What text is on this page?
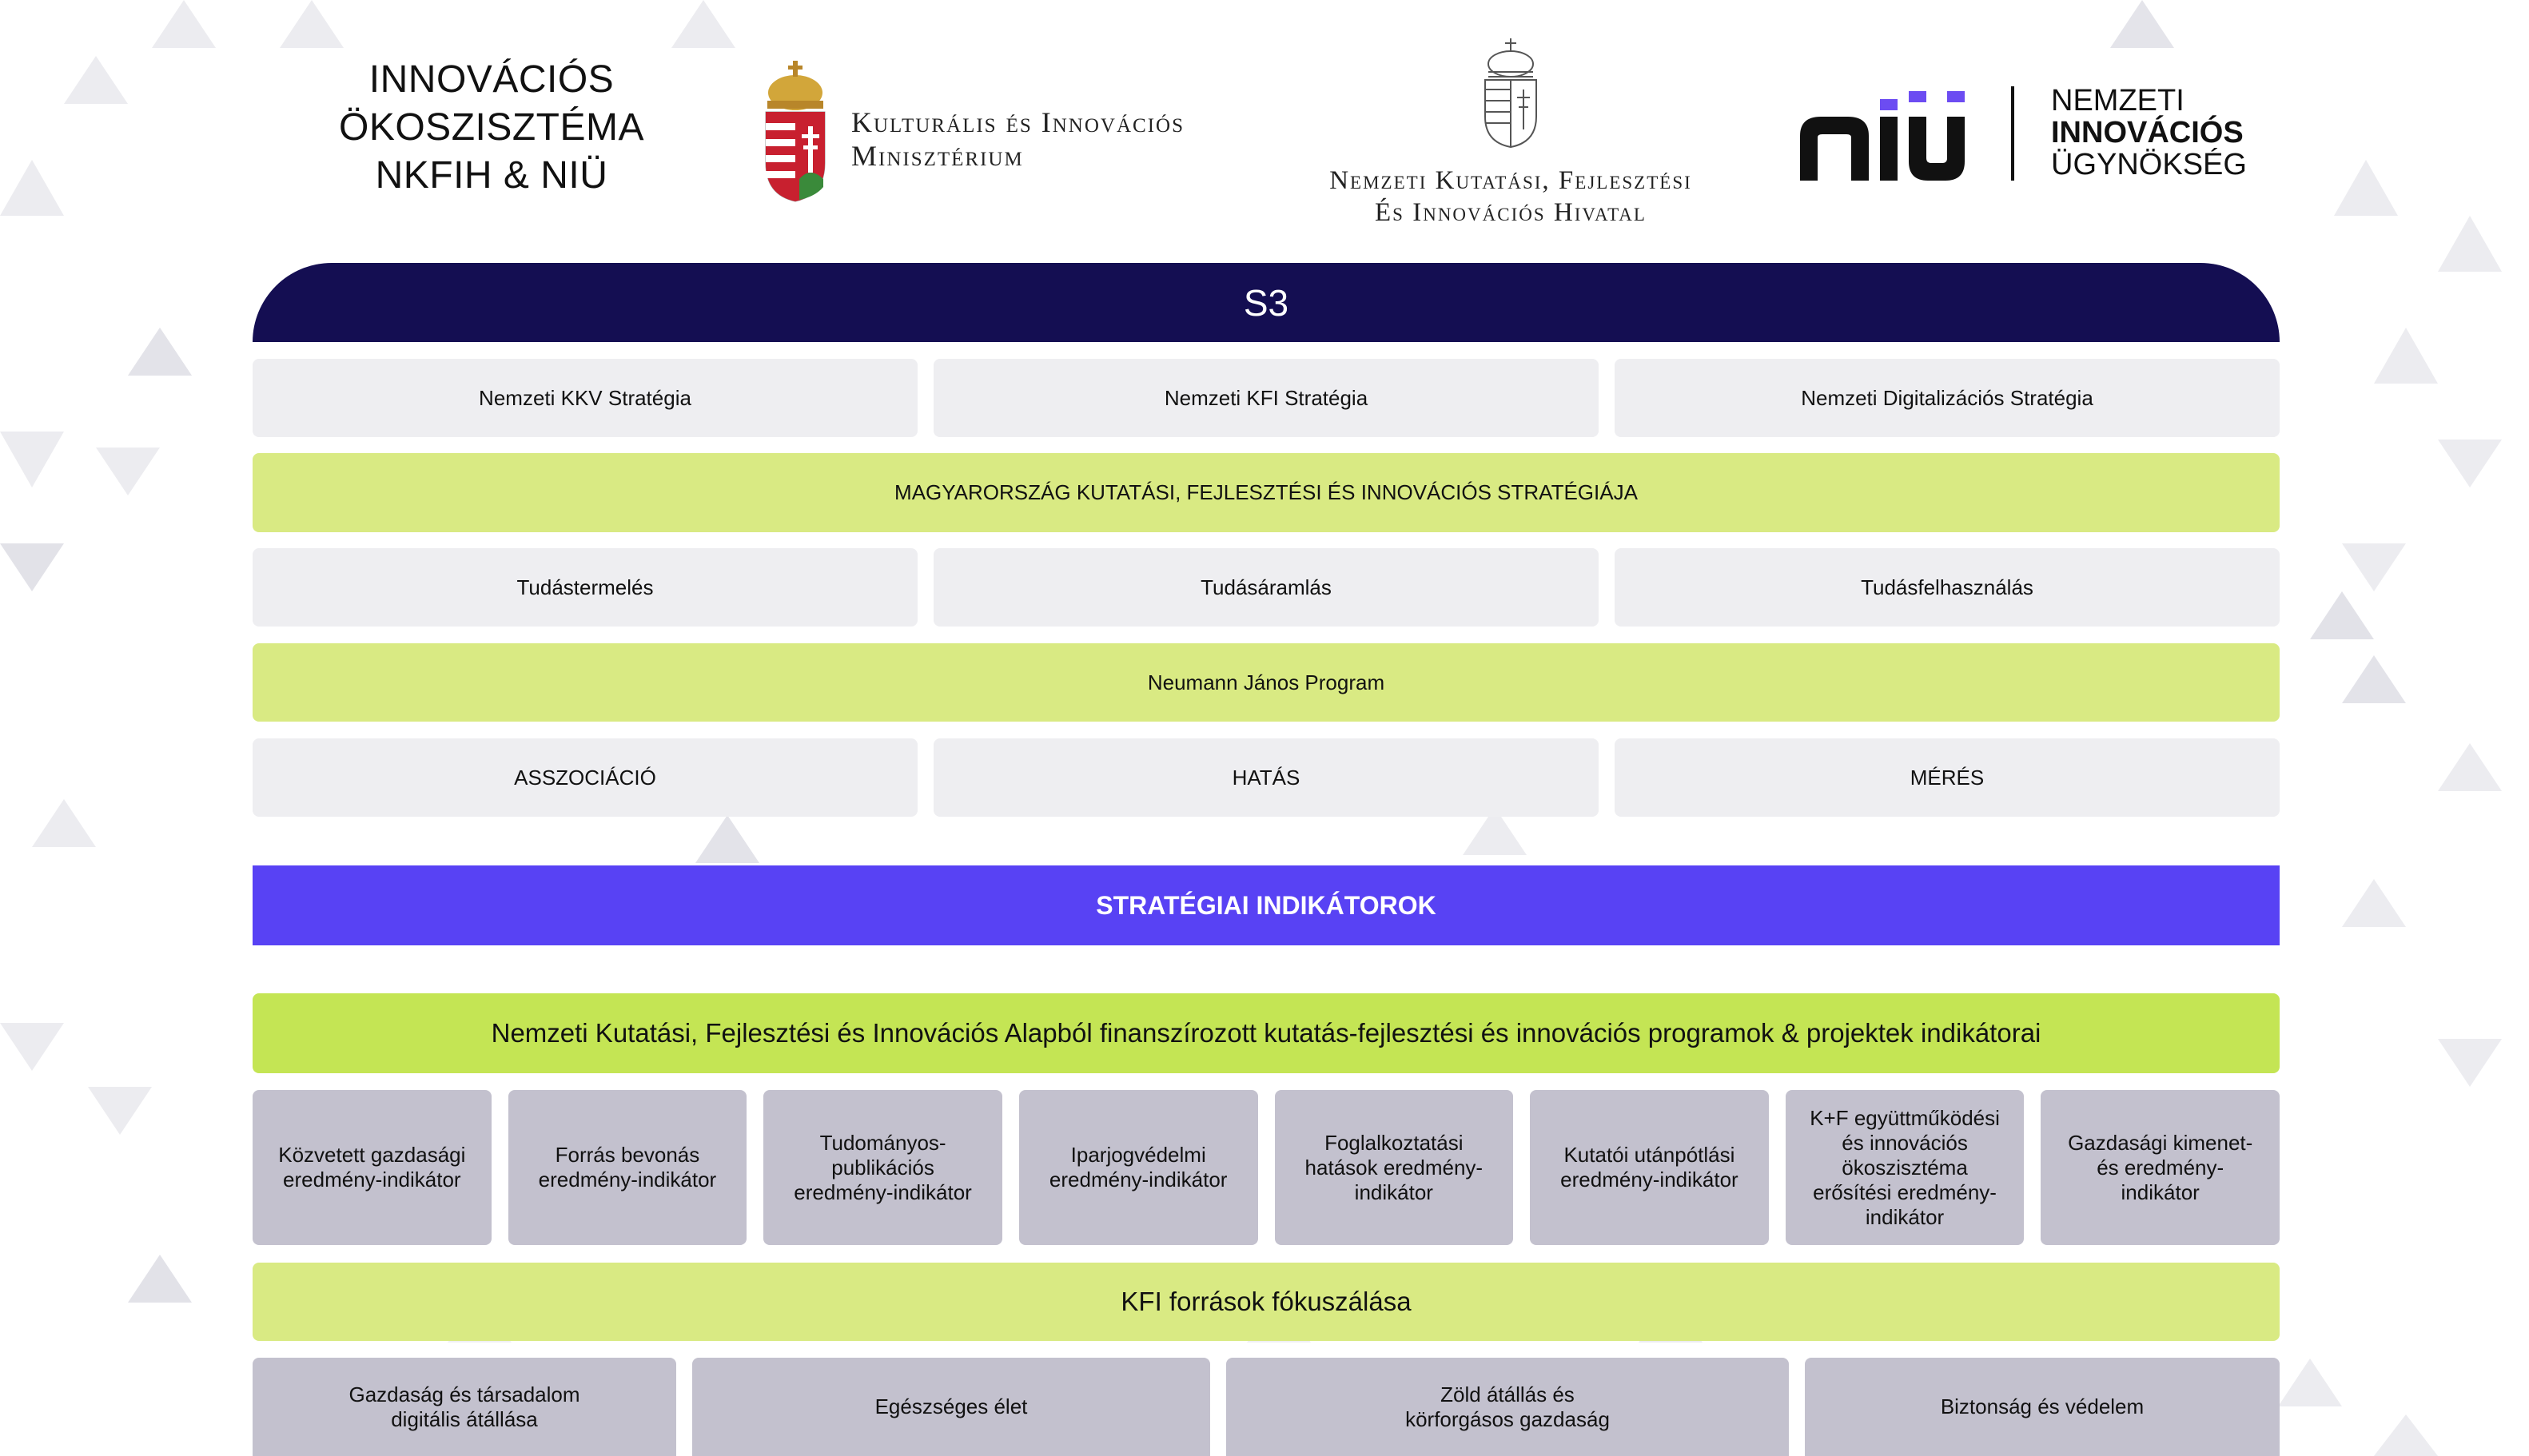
INNOVÁCIÓS
ÖKOSZISZTÉMA
NKFIH & NIÜ
Kulturális és Innovációs
Minisztérium
Nemzeti Kutatási, Fejlesztési
És Innovációs Hivatal
NEMZETI
INNOVÁCIÓS
ÜGYNÖKSÉG
S3
Nemzeti KKV Stratégia	Nemzeti KFI Stratégia	Nemzeti Digitalizációs Stratégia
MAGYARORSZÁG KUTATÁSI, FEJLESZTÉSI ÉS INNOVÁCIÓS STRATÉGIÁJA
Tudástermelés	Tudásáramlás	Tudásfelhasználás
Neumann János Program
ASSZOCIÁCIÓ	HATÁS	MÉRÉS
STRATÉGIAI INDIKÁTOROK
Nemzeti Kutatási, Fejlesztési és Innovációs Alapból finanszírozott kutatás-fejlesztési és innovációs programok & projektek indikátorai
Közvetett gazdasági
eredmény-indikátor
Forrás bevonás
eredmény-indikátor
Tudományos-
publikációs
eredmény-indikátor
Iparjogvédelmi
eredmény-indikátor
Foglalkoztatási
hatások eredmény-
indikátor
Kutatói utánpótlási
eredmény-indikátor
K+F együttműködési
és innovációs
ökoszisztéma
erősítési eredmény-
indikátor
Gazdasági kimenet-
és eredmény-
indikátor
KFI források fókuszálása
Gazdaság és társadalom
digitális átállása
Egészséges élet
Zöld átállás és
körforgásos gazdaság
Biztonság és védelem
